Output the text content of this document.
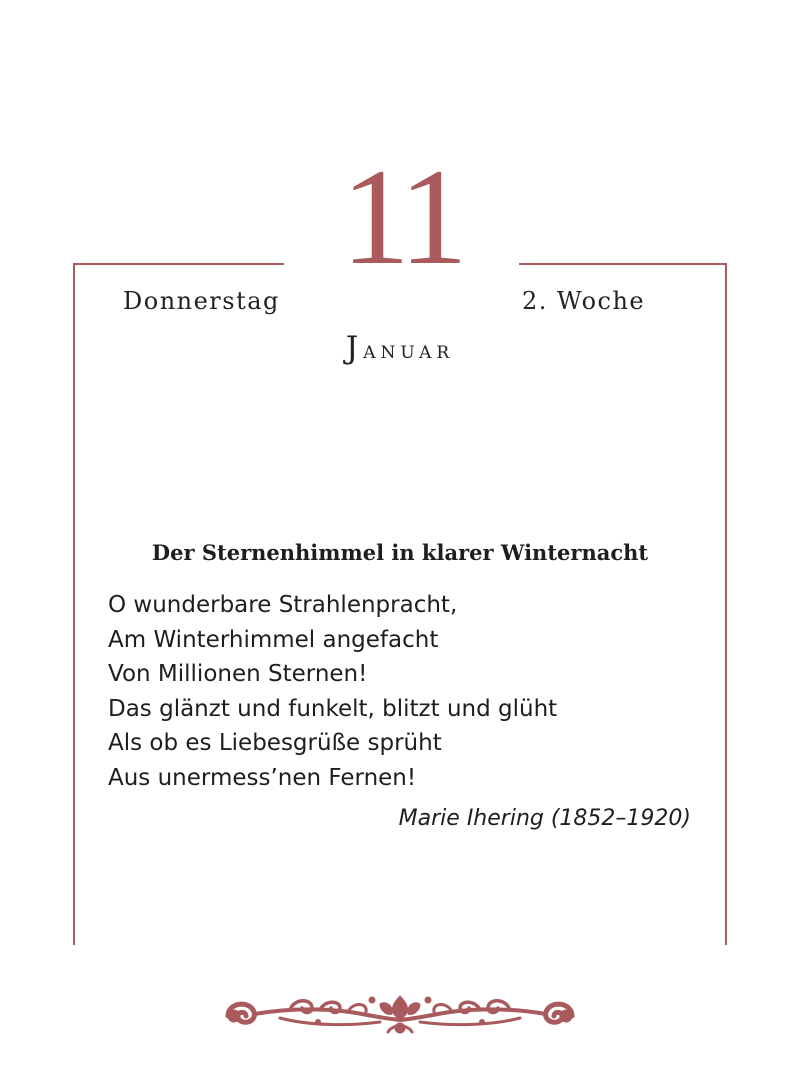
11
Donnerstag	2. Woche
Januar
Der Sternenhimmel in klarer Winternacht
O wunderbare Strahlenpracht,
Am Winterhimmel angefacht
Von Millionen Sternen!
Das glänzt und funkelt, blitzt und glüht
Als ob es Liebesgrüße sprüht
Aus unermess’nen Fernen!
Marie Ihering (1852–1920)
